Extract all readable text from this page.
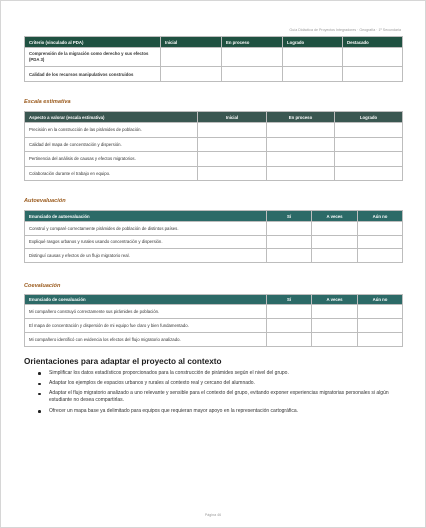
Guía Didáctica de Proyectos Integradores · Geografía · 1º Secundaria
Criterio (vinculado al PDA)	Inicial	En proceso	Logrado	Destacado
Comprensión de la migración como derecho y sus efectos (PDA 3)				
Calidad de los recursos manipulativos construidos				
Escala estimativa
Aspecto a valorar (escala estimativa)	Inicial	En proceso	Logrado
Precisión en la construcción de las pirámides de población.			
Calidad del mapa de concentración y dispersión.			
Pertinencia del análisis de causas y efectos migratorios.			
Colaboración durante el trabajo en equipo.			
Autoevaluación
Enunciado de autoevaluación	Sí	A veces	Aún no
Construí y comparé correctamente pirámides de población de distintos países.			
Expliqué rasgos urbanos y rurales usando concentración y dispersión.			
Distinguí causas y efectos de un flujo migratorio real.			
Coevaluación
Enunciado de coevaluación	Sí	A veces	Aún no
Mi compañero construyó correctamente sus pirámides de población.			
El mapa de concentración y dispersión de mi equipo fue claro y bien fundamentado.			
Mi compañero identificó con evidencia los efectos del flujo migratorio analizado.			
Orientaciones para adaptar el proyecto al contexto
Simplificar los datos estadísticos proporcionados para la construcción de pirámides según el nivel del grupo.
Adaptar los ejemplos de espacios urbanos y rurales al contexto real y cercano del alumnado.
Adaptar el flujo migratorio analizado a uno relevante y sensible para el contexto del grupo, evitando exponer experiencias migratorias personales si algún estudiante no desea compartirlas.
Ofrecer un mapa base ya delimitado para equipos que requieran mayor apoyo en la representación cartográfica.
Página 46
